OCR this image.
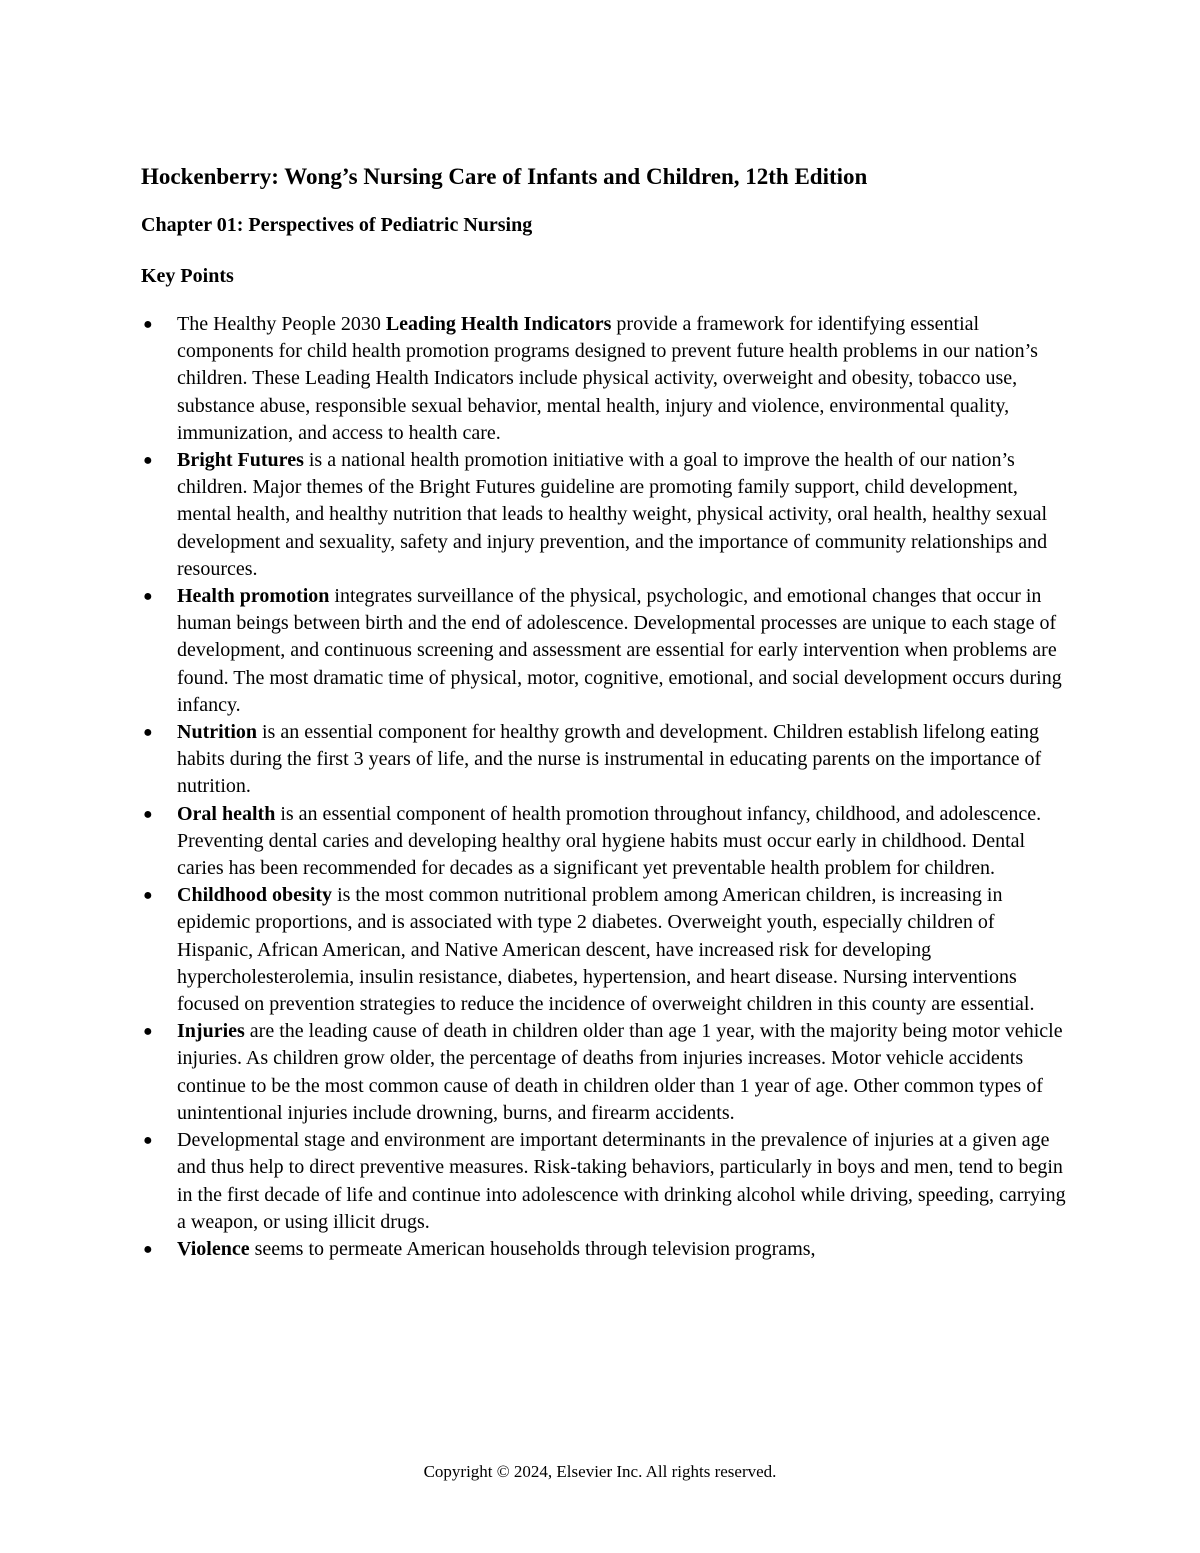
Hockenberry: Wong’s Nursing Care of Infants and Children, 12th Edition
Chapter 01: Perspectives of Pediatric Nursing
Key Points
● The Healthy People 2030 Leading Health Indicators provide a framework for identifying essential components for child health promotion programs designed to prevent future health problems in our nation’s children. These Leading Health Indicators include physical activity, overweight and obesity, tobacco use, substance abuse, responsible sexual behavior, mental health, injury and violence, environmental quality, immunization, and access to health care.
● Bright Futures is a national health promotion initiative with a goal to improve the health of our nation’s children. Major themes of the Bright Futures guideline are promoting family support, child development, mental health, and healthy nutrition that leads to healthy weight, physical activity, oral health, healthy sexual development and sexuality, safety and injury prevention, and the importance of community relationships and resources.
● Health promotion integrates surveillance of the physical, psychologic, and emotional changes that occur in human beings between birth and the end of adolescence. Developmental processes are unique to each stage of development, and continuous screening and assessment are essential for early intervention when problems are found. The most dramatic time of physical, motor, cognitive, emotional, and social development occurs during infancy.
● Nutrition is an essential component for healthy growth and development. Children establish lifelong eating habits during the first 3 years of life, and the nurse is instrumental in educating parents on the importance of nutrition.
● Oral health is an essential component of health promotion throughout infancy, childhood, and adolescence. Preventing dental caries and developing healthy oral hygiene habits must occur early in childhood. Dental caries has been recommended for decades as a significant yet preventable health problem for children.
● Childhood obesity is the most common nutritional problem among American children, is increasing in epidemic proportions, and is associated with type 2 diabetes. Overweight youth, especially children of Hispanic, African American, and Native American descent, have increased risk for developing hypercholesterolemia, insulin resistance, diabetes, hypertension, and heart disease. Nursing interventions focused on prevention strategies to reduce the incidence of overweight children in this county are essential.
● Injuries are the leading cause of death in children older than age 1 year, with the majority being motor vehicle injuries. As children grow older, the percentage of deaths from injuries increases. Motor vehicle accidents continue to be the most common cause of death in children older than 1 year of age. Other common types of unintentional injuries include drowning, burns, and firearm accidents.
● Developmental stage and environment are important determinants in the prevalence of injuries at a given age and thus help to direct preventive measures. Risk-taking behaviors, particularly in boys and men, tend to begin in the first decade of life and continue into adolescence with drinking alcohol while driving, speeding, carrying a weapon, or using illicit drugs.
● Violence seems to permeate American households through television programs,
Copyright © 2024, Elsevier Inc. All rights reserved.
